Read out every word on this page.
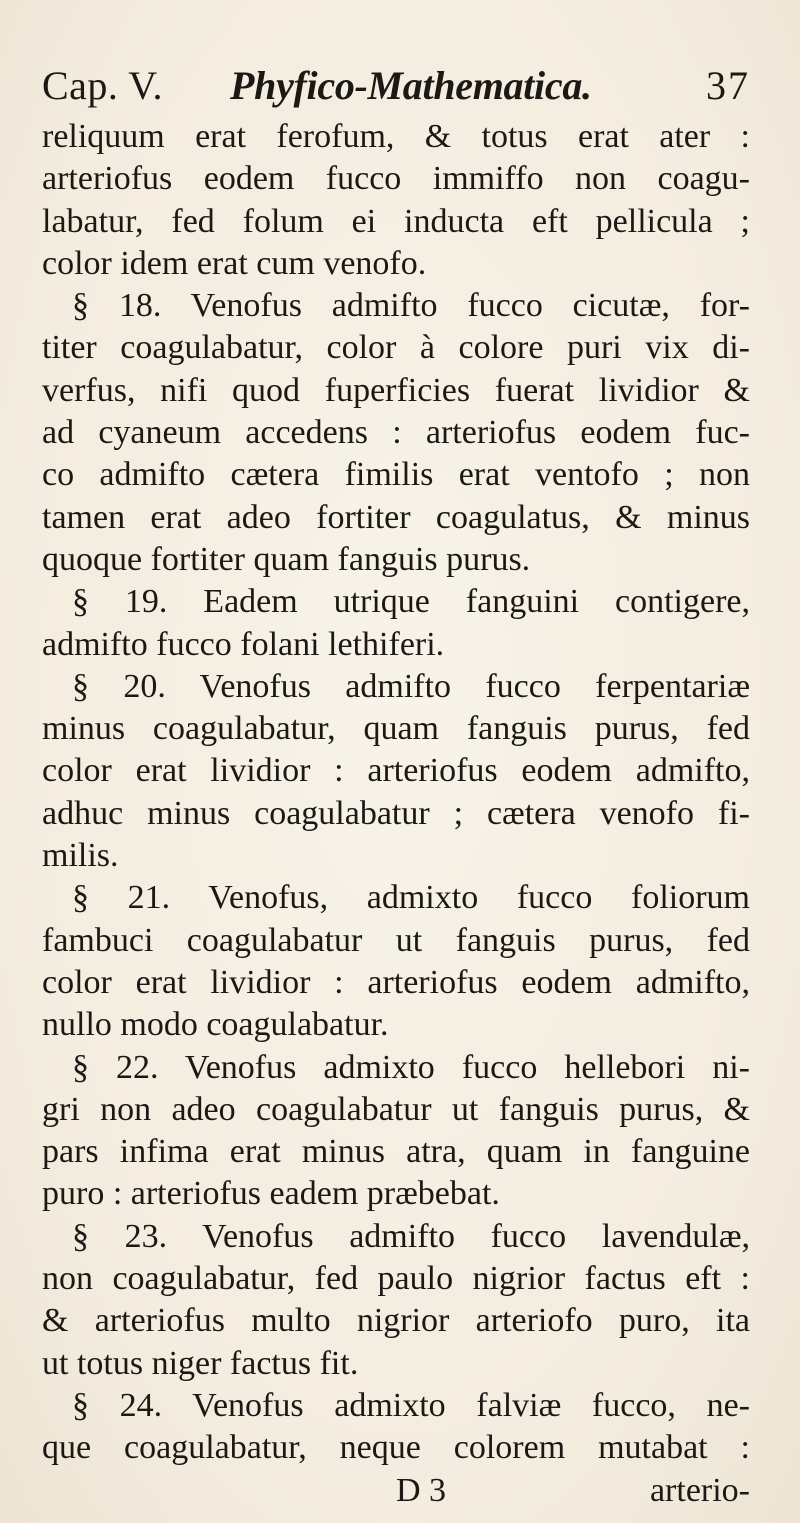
Cap. V. Phyfico-Mathematica.	37
reliquum erat ferofum, & totus erat ater :
arteriofus eodem fucco immiffo non coagu-
labatur, fed folum ei inducta eft pellicula ;
color idem erat cum venofo.
§ 18. Venofus admifto fucco cicutæ, for-
titer coagulabatur, color à colore puri vix di-
verfus, nifi quod fuperficies fuerat lividior &
ad cyaneum accedens : arteriofus eodem fuc-
co admifto cætera fimilis erat ventofo ; non
tamen erat adeo fortiter coagulatus, & minus
quoque fortiter quam fanguis purus.
§ 19. Eadem utrique fanguini contigere,
admifto fucco folani lethiferi.
§ 20. Venofus admifto fucco ferpentariæ
minus coagulabatur, quam fanguis purus, fed
color erat lividior : arteriofus eodem admifto,
adhuc minus coagulabatur ; cætera venofo fi-
milis.
§ 21. Venofus, admixto fucco foliorum
fambuci coagulabatur ut fanguis purus, fed
color erat lividior : arteriofus eodem admifto,
nullo modo coagulabatur.
§ 22. Venofus admixto fucco hellebori ni-
gri non adeo coagulabatur ut fanguis purus, &
pars infima erat minus atra, quam in fanguine
puro : arteriofus eadem præbebat.
§ 23. Venofus admifto fucco lavendulæ,
non coagulabatur, fed paulo nigrior factus eft :
& arteriofus multo nigrior arteriofo puro, ita
ut totus niger factus fit.
§ 24. Venofus admixto falviæ fucco, ne-
que coagulabatur, neque colorem mutabat :
D 3	arterio-
